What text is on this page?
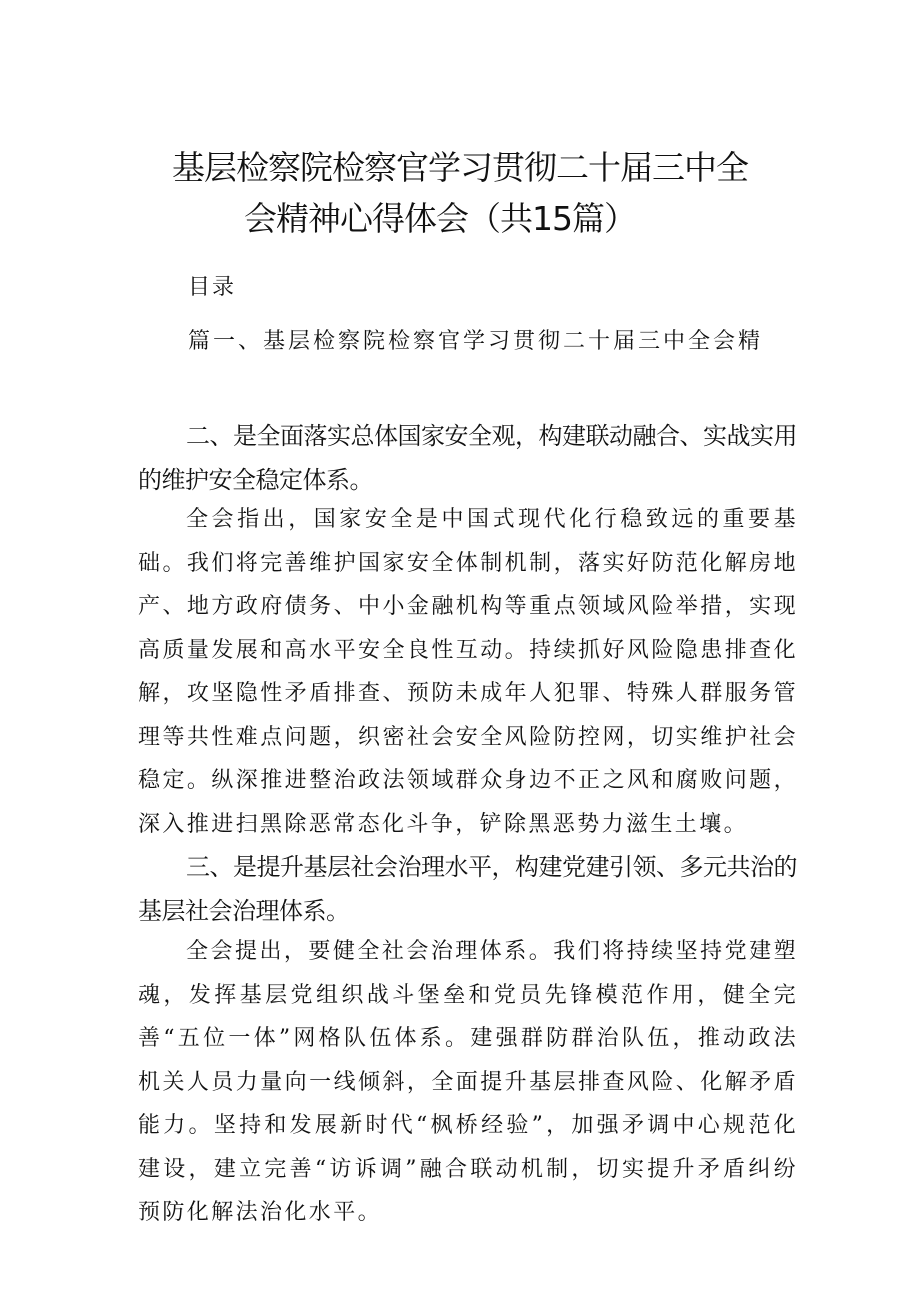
基层检察院检察官学习贯彻二十届三中全
会精神心得体会（共15篇）

目录

篇一、基层检察院检察官学习贯彻二十届三中全会精

二、是全面落实总体国家安全观，构建联动融合、实战实用的维护安全稳定体系。

全会指出，国家安全是中国式现代化行稳致远的重要基础。我们将完善维护国家安全体制机制，落实好防范化解房地产、地方政府债务、中小金融机构等重点领域风险举措，实现高质量发展和高水平安全良性互动。持续抓好风险隐患排查化解，攻坚隐性矛盾排查、预防未成年人犯罪、特殊人群服务管理等共性难点问题，织密社会安全风险防控网，切实维护社会稳定。纵深推进整治政法领域群众身边不正之风和腐败问题，深入推进扫黑除恶常态化斗争，铲除黑恶势力滋生土壤。

三、是提升基层社会治理水平，构建党建引领、多元共治的基层社会治理体系。

全会提出，要健全社会治理体系。我们将持续坚持党建塑魂，发挥基层党组织战斗堡垒和党员先锋模范作用，健全完善“五位一体”网格队伍体系。建强群防群治队伍，推动政法机关人员力量向一线倾斜，全面提升基层排查风险、化解矛盾能力。坚持和发展新时代“枫桥经验”，加强矛调中心规范化建设，建立完善“访诉调”融合联动机制，切实提升矛盾纠纷预防化解法治化水平。
